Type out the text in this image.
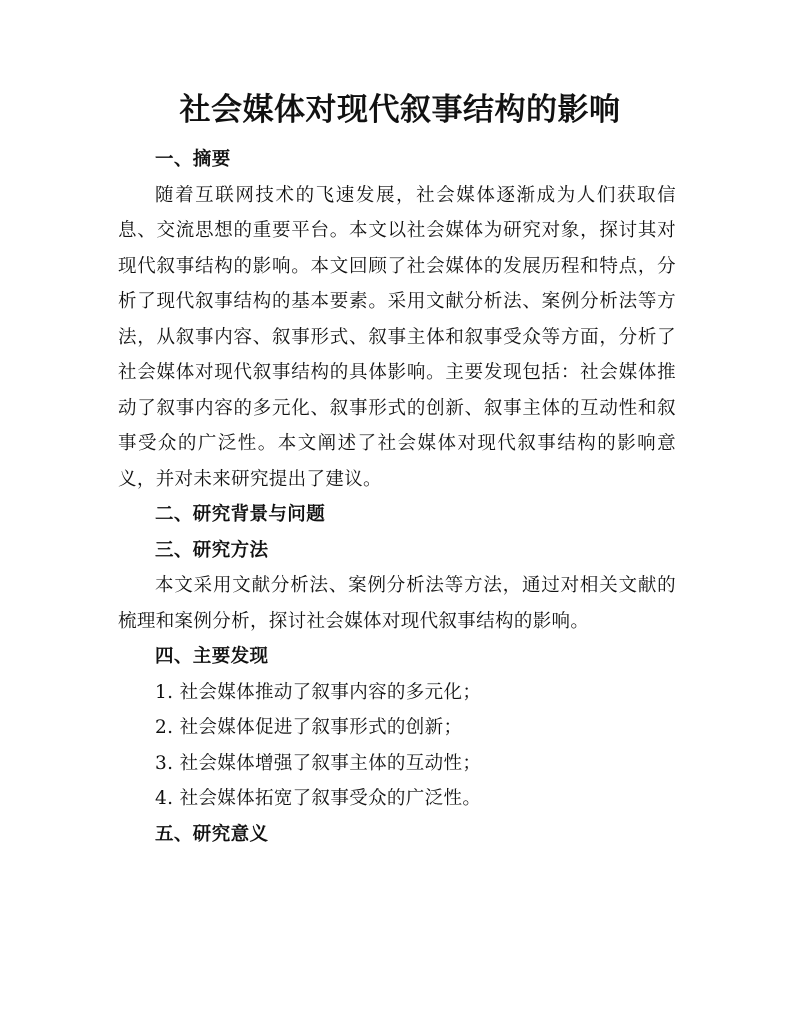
社会媒体对现代叙事结构的影响
一、摘要

随着互联网技术的飞速发展，社会媒体逐渐成为人们获取信息、交流思想的重要平台。本文以社会媒体为研究对象，探讨其对现代叙事结构的影响。本文回顾了社会媒体的发展历程和特点，分析了现代叙事结构的基本要素。采用文献分析法、案例分析法等方法，从叙事内容、叙事形式、叙事主体和叙事受众等方面，分析了社会媒体对现代叙事结构的具体影响。主要发现包括：社会媒体推动了叙事内容的多元化、叙事形式的创新、叙事主体的互动性和叙事受众的广泛性。本文阐述了社会媒体对现代叙事结构的影响意义，并对未来研究提出了建议。

二、研究背景与问题
三、研究方法

本文采用文献分析法、案例分析法等方法，通过对相关文献的梳理和案例分析，探讨社会媒体对现代叙事结构的影响。

四、主要发现
1. 社会媒体推动了叙事内容的多元化；
2. 社会媒体促进了叙事形式的创新；
3. 社会媒体增强了叙事主体的互动性；
4. 社会媒体拓宽了叙事受众的广泛性。
五、研究意义
